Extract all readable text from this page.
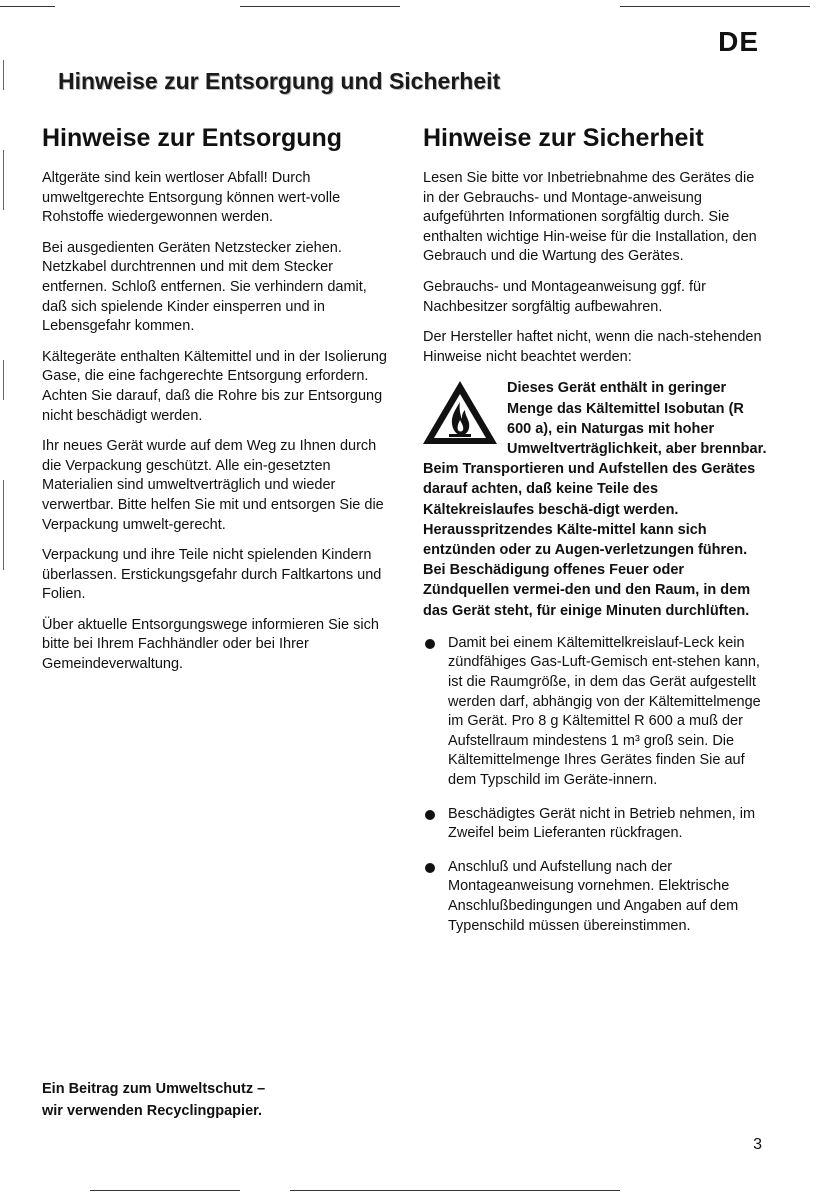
DE
Hinweise zur Entsorgung und Sicherheit
Hinweise zur Entsorgung

Altgeräte sind kein wertloser Abfall! Durch umweltgerechte Entsorgung können wert-volle Rohstoffe wiedergewonnen werden.

Bei ausgedienten Geräten Netzstecker ziehen. Netzkabel durchtrennen und mit dem Stecker entfernen. Schloß entfernen. Sie verhindern damit, daß sich spielende Kinder einsperren und in Lebensgefahr kommen.

Kältegeräte enthalten Kältemittel und in der Isolierung Gase, die eine fachgerechte Entsorgung erfordern. Achten Sie darauf, daß die Rohre bis zur Entsorgung nicht beschädigt werden.

Ihr neues Gerät wurde auf dem Weg zu Ihnen durch die Verpackung geschützt. Alle ein-gesetzten Materialien sind umweltverträglich und wieder verwertbar. Bitte helfen Sie mit und entsorgen Sie die Verpackung umwelt-gerecht.

Verpackung und ihre Teile nicht spielenden Kindern überlassen. Erstickungsgefahr durch Faltkartons und Folien.

Über aktuelle Entsorgungswege informieren Sie sich bitte bei Ihrem Fachhändler oder bei Ihrer Gemeindeverwaltung.

Hinweise zur Sicherheit

Lesen Sie bitte vor Inbetriebnahme des Gerätes die in der Gebrauchs- und Montage-anweisung aufgeführten Informationen sorgfältig durch. Sie enthalten wichtige Hin-weise für die Installation, den Gebrauch und die Wartung des Gerätes.

Gebrauchs- und Montageanweisung ggf. für Nachbesitzer sorgfältig aufbewahren.

Der Hersteller haftet nicht, wenn die nach-stehenden Hinweise nicht beachtet werden:

Dieses Gerät enthält in geringer Menge das Kältemittel Isobutan (R 600 a), ein Naturgas mit hoher Umweltverträglichkeit, aber brennbar. Beim Transportieren und Aufstellen des Gerätes darauf achten, daß keine Teile des Kältekreislaufes beschä-digt werden. Herausspritzendes Kälte-mittel kann sich entzünden oder zu Augen-verletzungen führen. Bei Beschädigung offenes Feuer oder Zündquellen vermei-den und den Raum, in dem das Gerät steht, für einige Minuten durchlüften.
Damit bei einem Kältemittelkreislauf-Leck kein zündfähiges Gas-Luft-Gemisch ent-stehen kann, ist die Raumgröße, in dem das Gerät aufgestellt werden darf, abhängig von der Kältemittelmenge im Gerät. Pro 8 g Kältemittel R 600 a muß der Aufstellraum mindestens 1 m³ groß sein. Die Kältemittelmenge Ihres Gerätes finden Sie auf dem Typschild im Geräte-innern.
Beschädigtes Gerät nicht in Betrieb nehmen, im Zweifel beim Lieferanten rückfragen.
Anschluß und Aufstellung nach der Montageanweisung vornehmen. Elektrische Anschlußbedingungen und Angaben auf dem Typenschild müssen übereinstimmen.
Ein Beitrag zum Umweltschutz –
wir verwenden Recyclingpapier.
3
